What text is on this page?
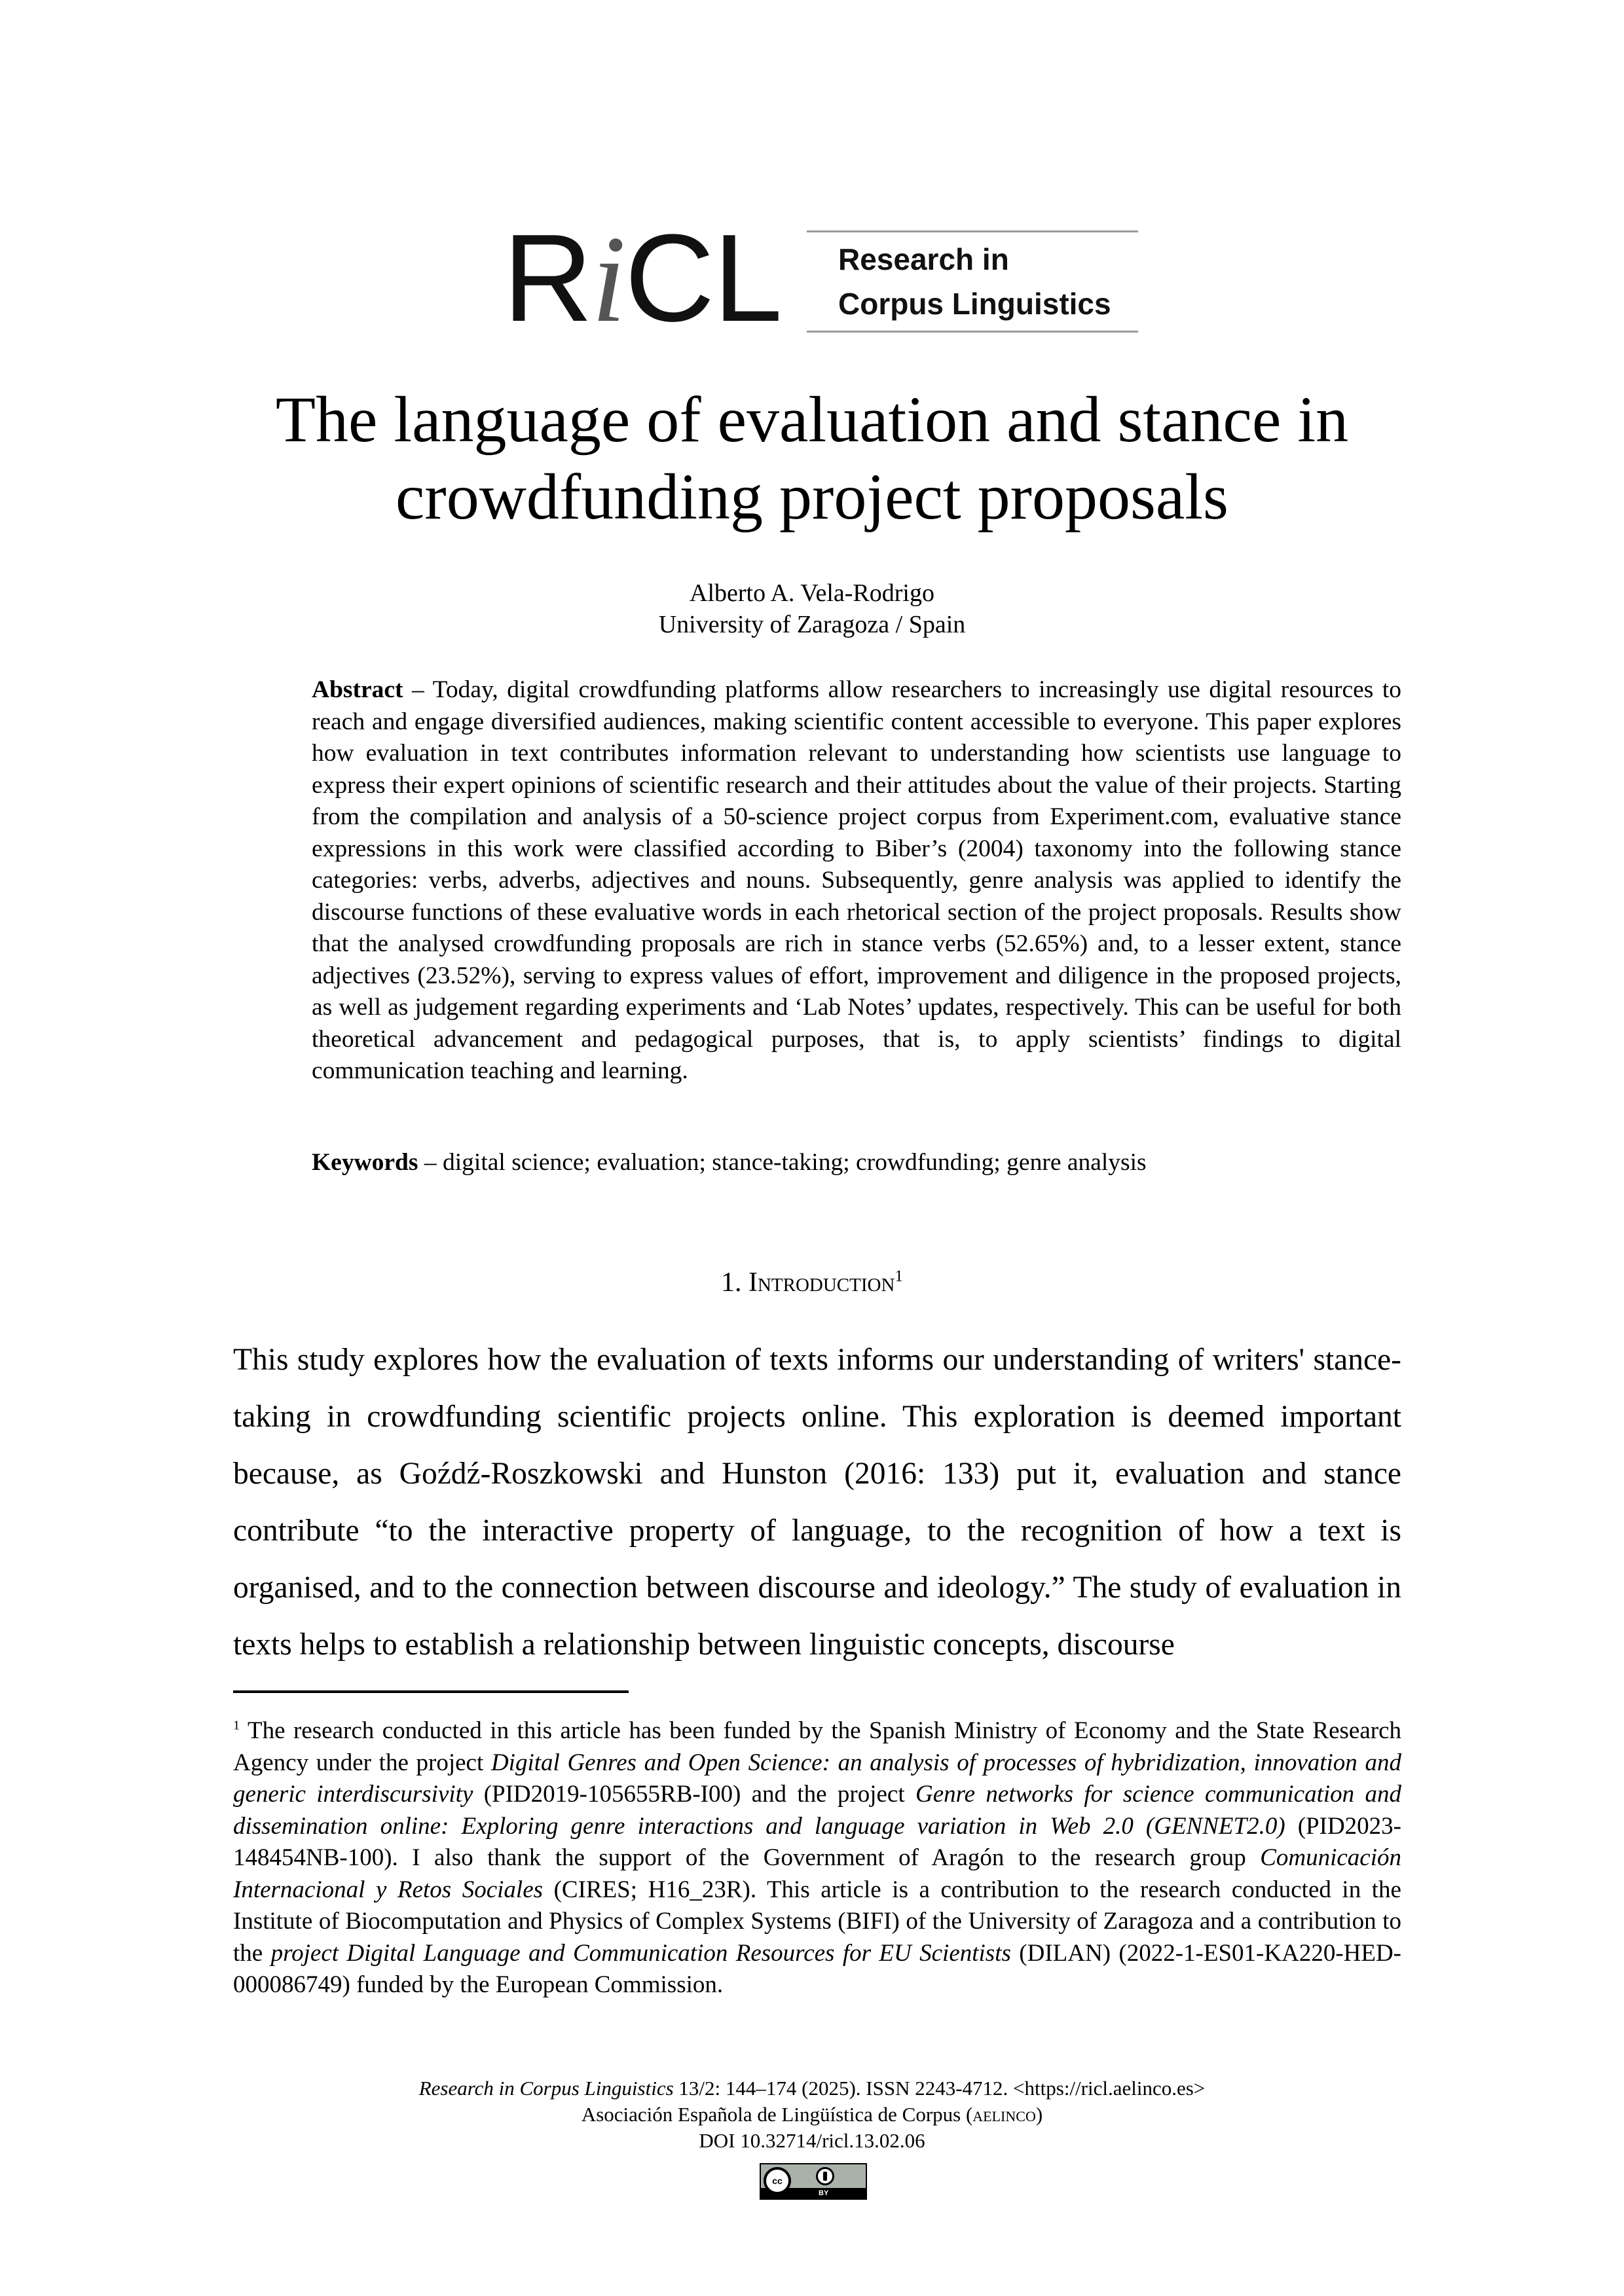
RiCL Research in
Corpus Linguistics
The language of evaluation and stance in
crowdfunding project proposals
Alberto A. Vela-Rodrigo
University of Zaragoza / Spain
Abstract – Today, digital crowdfunding platforms allow researchers to increasingly use digital resources to reach and engage diversified audiences, making scientific content accessible to everyone. This paper explores how evaluation in text contributes information relevant to understanding how scientists use language to express their expert opinions of scientific research and their attitudes about the value of their projects. Starting from the compilation and analysis of a 50-science project corpus from Experiment.com, evaluative stance expressions in this work were classified according to Biber’s (2004) taxonomy into the following stance categories: verbs, adverbs, adjectives and nouns. Subsequently, genre analysis was applied to identify the discourse functions of these evaluative words in each rhetorical section of the project proposals. Results show that the analysed crowdfunding proposals are rich in stance verbs (52.65%) and, to a lesser extent, stance adjectives (23.52%), serving to express values of effort, improvement and diligence in the proposed projects, as well as judgement regarding experiments and ‘Lab Notes’ updates, respectively. This can be useful for both theoretical advancement and pedagogical purposes, that is, to apply scientists’ findings to digital communication teaching and learning.
Keywords – digital science; evaluation; stance-taking; crowdfunding; genre analysis
1. Introduction$^1$
This study explores how the evaluation of texts informs our understanding of writers' stance-taking in crowdfunding scientific projects online. This exploration is deemed important because, as Goźdź-Roszkowski and Hunston (2016: 133) put it, evaluation and stance contribute “to the interactive property of language, to the recognition of how a text is organised, and to the connection between discourse and ideology.” The study of evaluation in texts helps to establish a relationship between linguistic concepts, discourse
$^1$ The research conducted in this article has been funded by the Spanish Ministry of Economy and the State Research Agency under the project Digital Genres and Open Science: an analysis of processes of hybridization, innovation and generic interdiscursivity (PID2019-105655RB-I00) and the project Genre networks for science communication and dissemination online: Exploring genre interactions and language variation in Web 2.0 (GENNET2.0) (PID2023-148454NB-100). I also thank the support of the Government of Aragón to the research group Comunicación Internacional y Retos Sociales (CIRES; H16_23R). This article is a contribution to the research conducted in the Institute of Biocomputation and Physics of Complex Systems (BIFI) of the University of Zaragoza and a contribution to the project Digital Language and Communication Resources for EU Scientists (DILAN) (2022-1-ES01-KA220-HED-000086749) funded by the European Commission.
Research in Corpus Linguistics 13/2: 144–174 (2025). ISSN 2243-4712. <https://ricl.aelinco.es>
Asociación Española de Lingüística de Corpus (aelinco)
DOI 10.32714/ricl.13.02.06
cc
BY
